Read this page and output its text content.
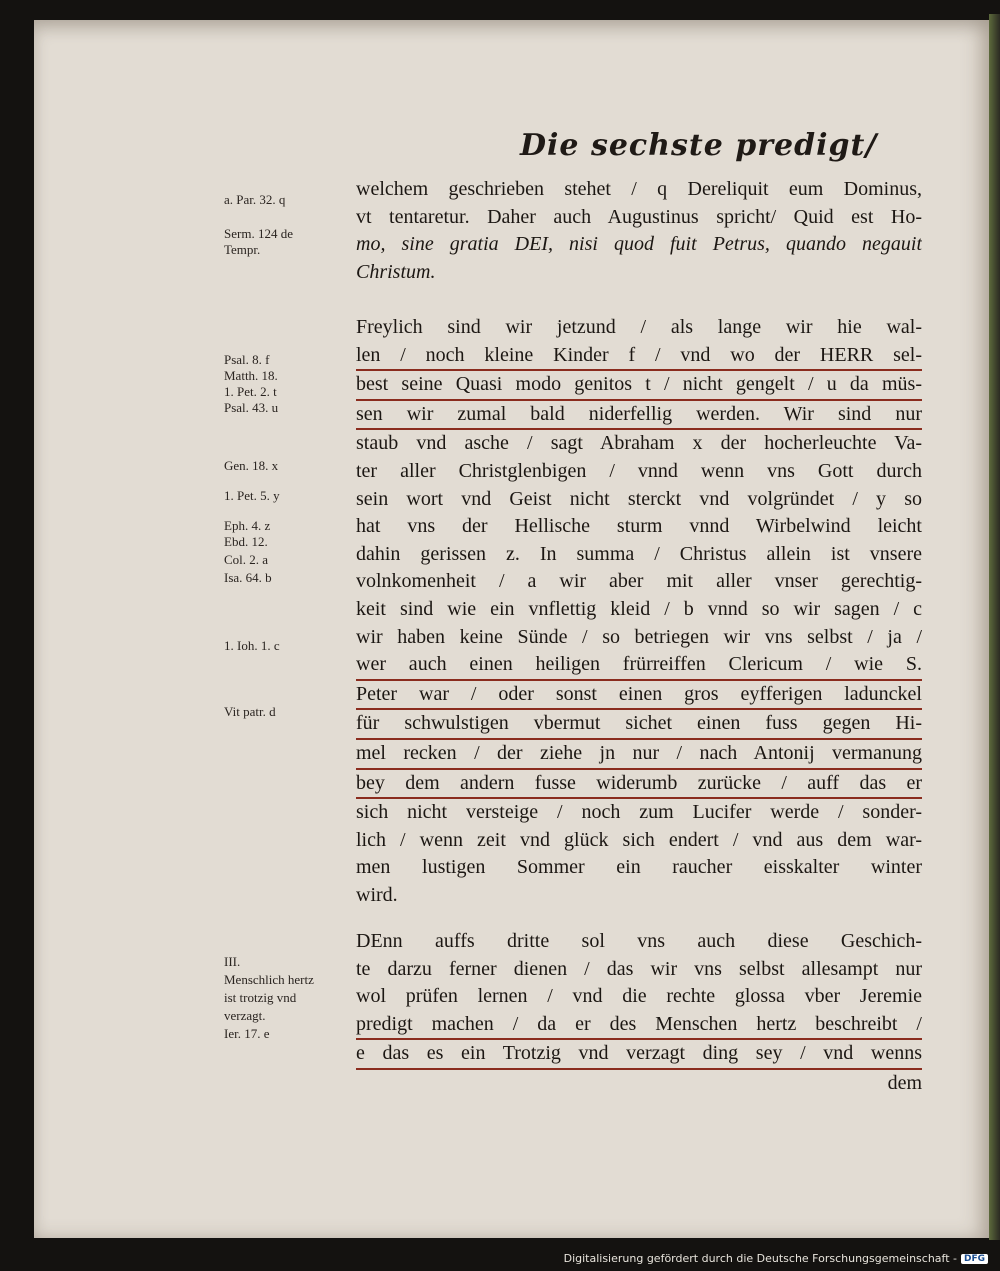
Die sechste predigt/
a. Par. 32. q
Serm. 124 de
Tempr.
Psal. 8. f
Matth. 18.
1. Pet. 2. t
Psal. 43. u
Gen. 18. x
1. Pet. 5. y
Eph. 4. z
Ebd. 12.
Col. 2. a
Isa. 64. b
1. Ioh. 1. c
Vit patr. d
III.
Menschlich hertz
ist trotzig vnd
verzagt.
Ier. 17. e
welchem geschrieben stehet / q Dereliquit eum Dominus,
vt tentaretur. Daher auch Augustinus spricht/ Quid est Ho-
mo, sine gratia DEI, nisi quod fuit Petrus, quando negauit
Christum.
Freylich sind wir jetzund / als lange wir hie wal-
len / noch kleine Kinder f / vnd wo der HERR sel-
best seine Quasi modo genitos t / nicht gengelt / u da müs-
sen wir zumal bald niderfellig werden. Wir sind nur
staub vnd asche / sagt Abraham x der hocherleuchte Va-
ter aller Christglenbigen / vnnd wenn vns Gott durch
sein wort vnd Geist nicht sterckt vnd volgründet / y so
hat vns der Hellische sturm vnnd Wirbelwind leicht
dahin gerissen z. In summa / Christus allein ist vnsere
volnkomenheit / a wir aber mit aller vnser gerechtig-
keit sind wie ein vnflettig kleid / b vnnd so wir sagen / c
wir haben keine Sünde / so betriegen wir vns selbst / ja /
wer auch einen heiligen frürreiffen Clericum / wie S.
Peter war / oder sonst einen gros eyfferigen ladunckel
für schwulstigen vbermut sichet einen fuss gegen Hi-
mel recken / der ziehe jn nur / nach Antonij vermanung
bey dem andern fusse widerumb zurücke / auff das er
sich nicht versteige / noch zum Lucifer werde / sonder-
lich / wenn zeit vnd glück sich endert / vnd aus dem war-
men lustigen Sommer ein raucher eisskalter winter
wird.
DEnn auffs dritte sol vns auch diese Geschich-
te darzu ferner dienen / das wir vns selbst allesampt nur
wol prüfen lernen / vnd die rechte glossa vber Jeremie
predigt machen / da er des Menschen hertz beschreibt /
e das es ein Trotzig vnd verzagt ding sey / vnd wenns
dem
Digitalisierung gefördert durch die Deutsche Forschungsgemeinschaft - DFG
